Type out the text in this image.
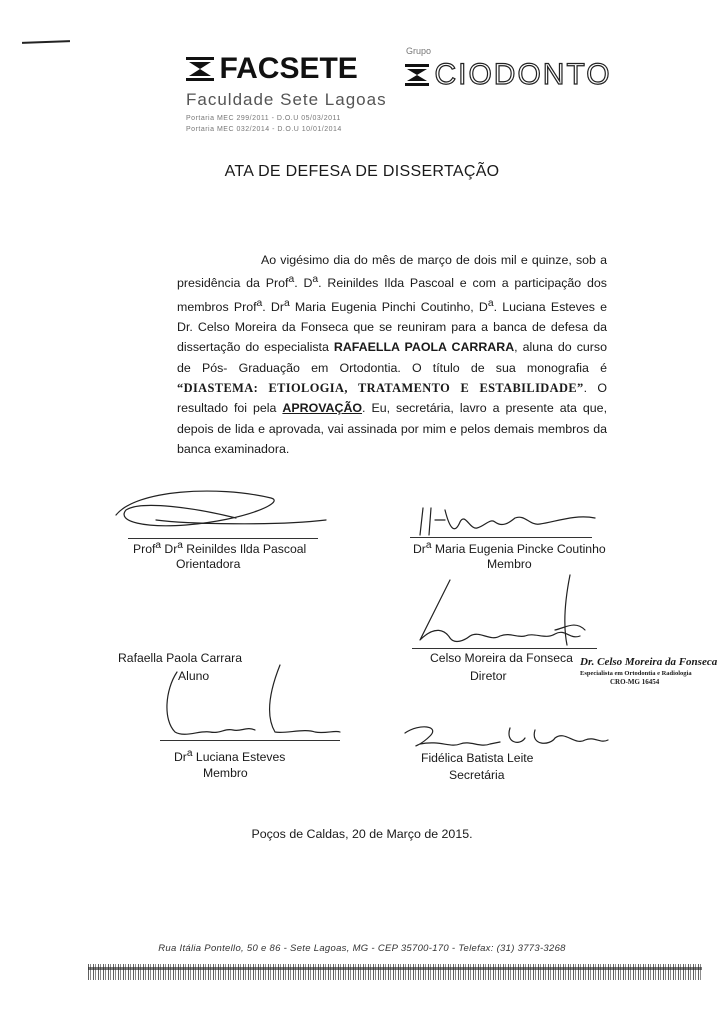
FACSETE
Faculdade Sete Lagoas
Portaria MEC 299/2011 - D.O.U 05/03/2011
Portaria MEC 032/2014 - D.O.U 10/01/2014
Grupo
CIODONTO
ATA DE DEFESA DE DISSERTAÇÃO
Ao vigésimo dia do mês de março de dois mil e quinze, sob a presidência da Prof$^a$. $D^a$. Reinildes Ilda Pascoal e com a participação dos membros Prof$^a$. Dr$^a$ Maria Eugenia Pinchi Coutinho, $D^a$. Luciana Esteves e Dr. Celso Moreira da Fonseca que se reuniram para a banca de defesa da dissertação do especialista RAFAELLA PAOLA CARRARA, aluna do curso de Pós- Graduação em Ortodontia. O título de sua monografia é “DIASTEMA: ETIOLOGIA, TRATAMENTO E ESTABILIDADE”. O resultado foi pela APROVAÇÃO. Eu, secretária, lavro a presente ata que, depois de lida e aprovada, vai assinada por mim e pelos demais membros da banca examinadora.
Prof$^a$ Dr$^a$ Reinildes Ilda Pascoal
Orientadora
Dr$^a$ Maria Eugenia Pincke Coutinho
Membro
Celso Moreira da Fonseca
Diretor
Dr. Celso Moreira da Fonseca
Especialista em Ortodontia e Radiologia
CRO-MG 16454
Rafaella Paola Carrara
Aluno
Dr$^a$ Luciana Esteves
Membro
Fidélica Batista Leite
Secretária
Poços de Caldas, 20 de Março de 2015.
Rua Itália Pontello, 50 e 86 - Sete Lagoas, MG - CEP 35700-170 - Telefax: (31) 3773-3268
